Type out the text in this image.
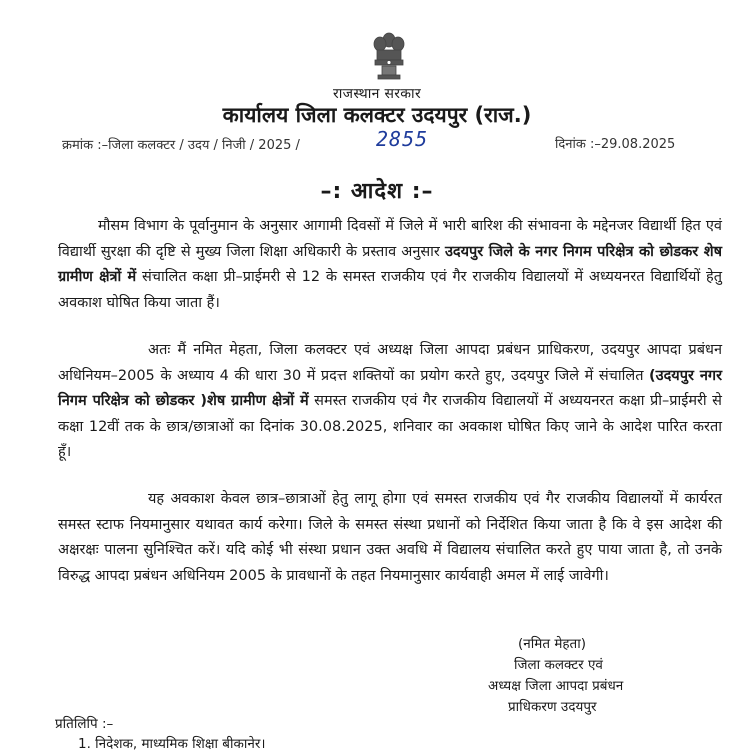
राजस्थान सरकार
कार्यालय जिला कलक्टर उदयपुर (राज.)
क्रमांक :–जिला कलक्टर / उदय / निजी / 2025 /	2855	दिनांक :–29.08.2025
–: आदेश :–

मौसम विभाग के पूर्वानुमान के अनुसार आगामी दिवसों में जिले में भारी बारिश की संभावना के मद्देनजर विद्यार्थी हित एवं विद्यार्थी सुरक्षा की दृष्टि से मुख्य जिला शिक्षा अधिकारी के प्रस्ताव अनुसार उदयपुर जिले के नगर निगम परिक्षेत्र को छोडकर शेष ग्रामीण क्षेत्रों में संचालित कक्षा प्री–प्राईमरी से 12 के समस्त राजकीय एवं गैर राजकीय विद्यालयों में अध्ययनरत विद्यार्थियों हेतु अवकाश घोषित किया जाता हैं।

अतः मैं नमित मेहता, जिला कलक्टर एवं अध्यक्ष जिला आपदा प्रबंधन प्राधिकरण, उदयपुर आपदा प्रबंधन अधिनियम–2005 के अध्याय 4 की धारा 30 में प्रदत्त शक्तियों का प्रयोग करते हुए, उदयपुर जिले में संचालित (उदयपुर नगर निगम परिक्षेत्र को छोडकर )शेष ग्रामीण क्षेत्रों में समस्त राजकीय एवं गैर राजकीय विद्यालयों में अध्ययनरत कक्षा प्री–प्राईमरी से कक्षा 12वीं तक के छात्र/छात्राओं का दिनांक 30.08.2025, शनिवार का अवकाश घोषित किए जाने के आदेश पारित करता हूँ।

यह अवकाश केवल छात्र–छात्राओं हेतु लागू होगा एवं समस्त राजकीय एवं गैर राजकीय विद्यालयों में कार्यरत समस्त स्टाफ नियमानुसार यथावत कार्य करेगा। जिले के समस्त संस्था प्रधानों को निर्देशित किया जाता है कि वे इस आदेश की अक्षरक्षः पालना सुनिश्चित करें। यदि कोई भी संस्था प्रधान उक्त अवधि में विद्यालय संचालित करते हुए पाया जाता है, तो उनके विरुद्ध आपदा प्रबंधन अधिनियम 2005 के प्रावधानों के तहत नियमानुसार कार्यवाही अमल में लाई जावेगी।

(नमित मेहता)
जिला कलक्टर एवं
अध्यक्ष जिला आपदा प्रबंधन
प्राधिकरण उदयपुर
प्रतिलिपि :–
1. निदेशक, माध्यमिक शिक्षा बीकानेर।
